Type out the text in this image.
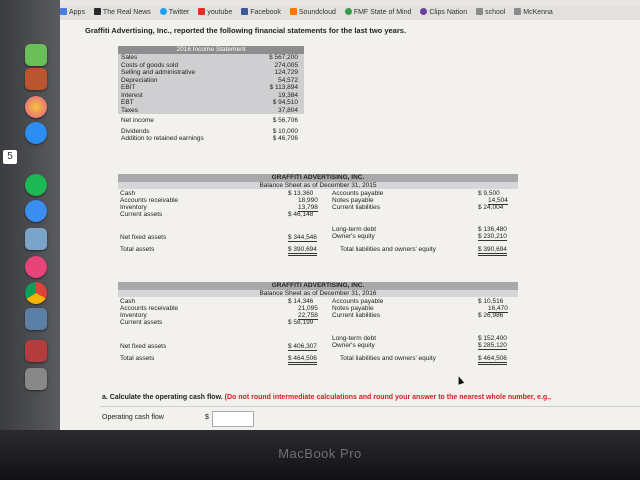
5
Apps	The Real News	Twitter	youtube	Facebook	Soundcloud	FMF State of Mind	Clips Nation	school	McKenna
Graffiti Advertising, Inc., reported the following financial statements for the last two years.
2016 Income Statement
Sales	$ 567,200
Costs of goods sold	274,005
Selling and administrative	124,729
Depreciation	54,572
EBIT	$ 113,894
Interest	19,384
EBT	$ 94,510
Taxes	37,804
Net income	$ 56,706
Dividends	$ 10,000
Addition to retained earnings	$ 46,706
GRAFFITI ADVERTISING, INC.
Balance Sheet as of December 31, 2015
Cash	$ 13,360	Accounts payable	$ 9,500
Accounts receivable	18,990 Notes payable	14,504
Inventory	13,798 Current liabilities	$ 24,004
Current assets	$ 46,148
Long-term debt	$ 136,480
Net fixed assets	$ 344,546 Owner's equity	$ 230,210
Total assets	$ 390,694	Total liabilities and owners' equity	$ 390,694
GRAFFITI ADVERTISING, INC.
Balance Sheet as of December 31, 2016
Cash	$ 14,346	Accounts payable	$ 10,516
Accounts receivable	21,095 Notes payable	16,470
Inventory	22,758 Current liabilities	$ 26,986
Current assets	$ 58,199
Long-term debt	$ 152,400
Net fixed assets	$ 406,307 Owner's equity	$ 285,120
Total assets	$ 464,506	Total liabilities and owners' equity	$ 464,506
a. Calculate the operating cash flow. (Do not round intermediate calculations and round your answer to the nearest whole number, e.g.,
Operating cash flow	$
MacBook Pro
